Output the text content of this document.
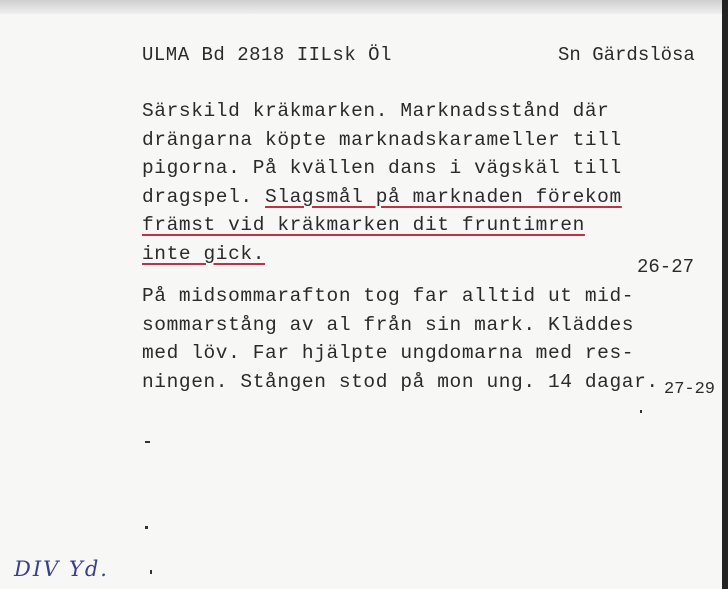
ULMA Bd 2818 IILsk Öl	Sn Gärdslösa
Särskild kräkmarken. Marknadsstånd där
drängarna köpte marknadskarameller till
pigorna. På kvällen dans i vägskäl till
dragspel. Slagsmål på marknaden förekom
främst vid kräkmarken dit fruntimren
inte gick.
26-27
På midsommarafton tog far alltid ut mid-
sommarstång av al från sin mark. Kläddes
med löv. Far hjälpte ungdomarna med res-
ningen. Stången stod på mon ung. 14 dagar. 27-29
DIV Yd.
